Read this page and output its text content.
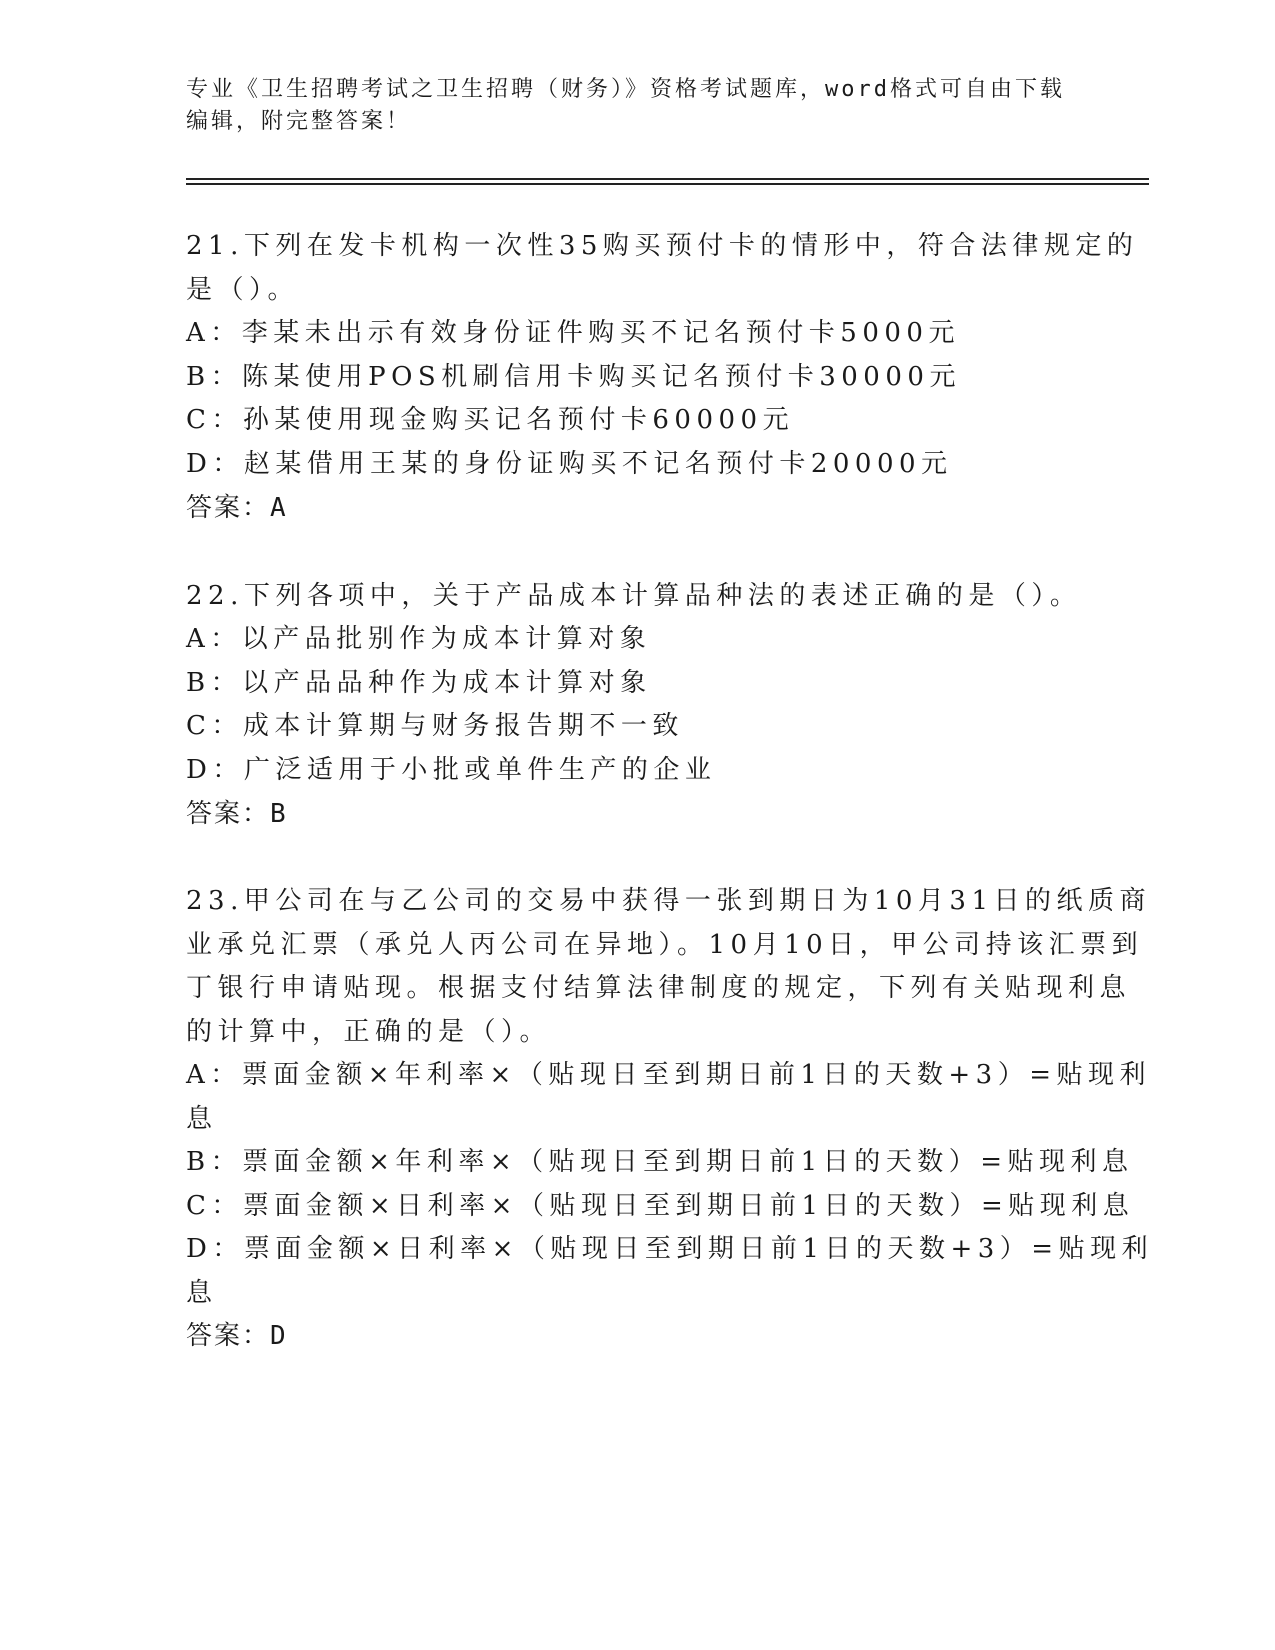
专业《卫生招聘考试之卫生招聘（财务）》资格考试题库，word格式可自由下载
编辑，附完整答案！
21.下列在发卡机构一次性35购买预付卡的情形中，符合法律规定的
是（）。
A：李某未出示有效身份证件购买不记名预付卡5000元
B：陈某使用POS机刷信用卡购买记名预付卡30000元
C：孙某使用现金购买记名预付卡60000元
D：赵某借用王某的身份证购买不记名预付卡20000元
答案：A
22.下列各项中，关于产品成本计算品种法的表述正确的是（）。
A：以产品批别作为成本计算对象
B：以产品品种作为成本计算对象
C：成本计算期与财务报告期不一致
D：广泛适用于小批或单件生产的企业
答案：B
23.甲公司在与乙公司的交易中获得一张到期日为10月31日的纸质商
业承兑汇票（承兑人丙公司在异地）。10月10日，甲公司持该汇票到
丁银行申请贴现。根据支付结算法律制度的规定，下列有关贴现利息
的计算中，正确的是（）。
A：票面金额×年利率×（贴现日至到期日前1日的天数+3）=贴现利
息
B：票面金额×年利率×（贴现日至到期日前1日的天数）=贴现利息
C：票面金额×日利率×（贴现日至到期日前1日的天数）=贴现利息
D：票面金额×日利率×（贴现日至到期日前1日的天数+3）=贴现利
息
答案：D
